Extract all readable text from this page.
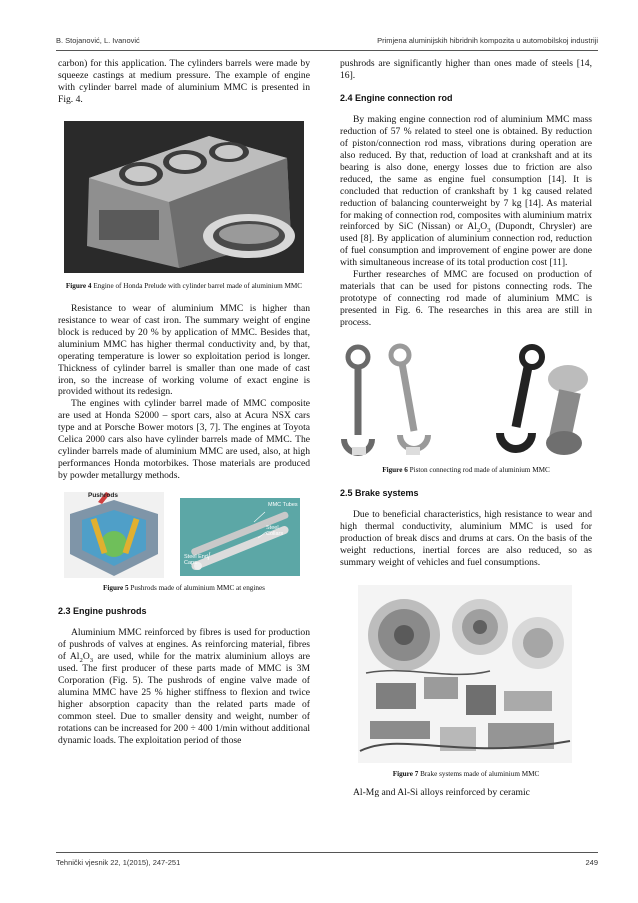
B. Stojanović, L. Ivanović	Primjena aluminijskih hibridnih kompozita u automobilskoj industriji

carbon) for this application. The cylinders barrels were made by squeeze castings at medium pressure. The example of engine with cylinder barrel made of aluminium MMC is presented in Fig. 4.

Figure 4 Engine of Honda Prelude with cylinder barrel made of aluminium MMC

Resistance to wear of aluminium MMC is higher than resistance to wear of cast iron. The summary weight of engine block is reduced by 20 % by application of MMC. Besides that, aluminium MMC has higher thermal conductivity and, by that, operating temperature is lower so exploitation period is longer. Thickness of cylinder barrel is smaller than one made of cast iron, so the increase of working volume of exact engine is provided without its redesign.

The engines with cylinder barrel made of MMC composite are used at Honda S2000 – sport cars, also at Acura NSX cars type and at Porsche Bower motors [3, 7]. The engines at Toyota Celica 2000 cars also have cylinder barrels made of MMC. The cylinder barrels made of aluminium MMC are used, also, at high performances Honda motorbikes. Those materials are produced by powder metallurgy methods.

Pushrods
MMC Tubes
Steel Collars
Steel End Caps
Figure 5 Pushrods made of aluminium MMC at engines
2.3 Engine pushrods

Aluminium MMC reinforced by fibres is used for production of pushrods of valves at engines. As reinforcing material, fibres of $Al_2O_3$ are used, while for the matrix aluminium alloys are used. The first producer of these parts made of MMC is 3M Corporation (Fig. 5). The pushrods of engine valve made of alumina MMC have 25 % higher stiffness to flexion and twice higher absorption capacity than the related parts made of common steel. Due to smaller density and weight, number of rotations can be increased for 200 ÷ 400 1/min without additional dynamic loads. The exploitation period of those

pushrods are significantly higher than ones made of steels [14, 16].

2.4 Engine connection rod

By making engine connection rod of aluminium MMC mass reduction of 57 % related to steel one is obtained. By reduction of piston/connection rod mass, vibrations during operation are also reduced. By that, reduction of load at crankshaft and at its bearing is also done, energy losses due to friction are also reduced, the same as engine fuel consumption [14]. It is concluded that reduction of crankshaft by 1 kg caused related reduction of balancing counterweight by 7 kg [14]. As material for making of connection rod, composites with aluminium matrix reinforced by SiC (Nissan) or $Al_2O_3$ (Dupondt, Chrysler) are used [8]. By application of aluminium connection rod, reduction of fuel consumption and improvement of engine power are done with simultaneous increase of its total production cost [11].

Further researches of MMC are focused on production of materials that can be used for pistons connecting rods. The prototype of connecting rod made of aluminium MMC is presented in Fig. 6. The researches in this area are still in process.

Figure 6 Piston connecting rod made of aluminium MMC
2.5 Brake systems

Due to beneficial characteristics, high resistance to wear and high thermal conductivity, aluminium MMC is used for production of break discs and drums at cars. On the basis of the weight reductions, inertial forces are also reduced, so as summary weight of vehicles and fuel consumptions.

Figure 7 Brake systems made of aluminium MMC

Al-Mg and Al-Si alloys reinforced by ceramic

Tehnički vjesnik 22, 1(2015), 247-251	249
